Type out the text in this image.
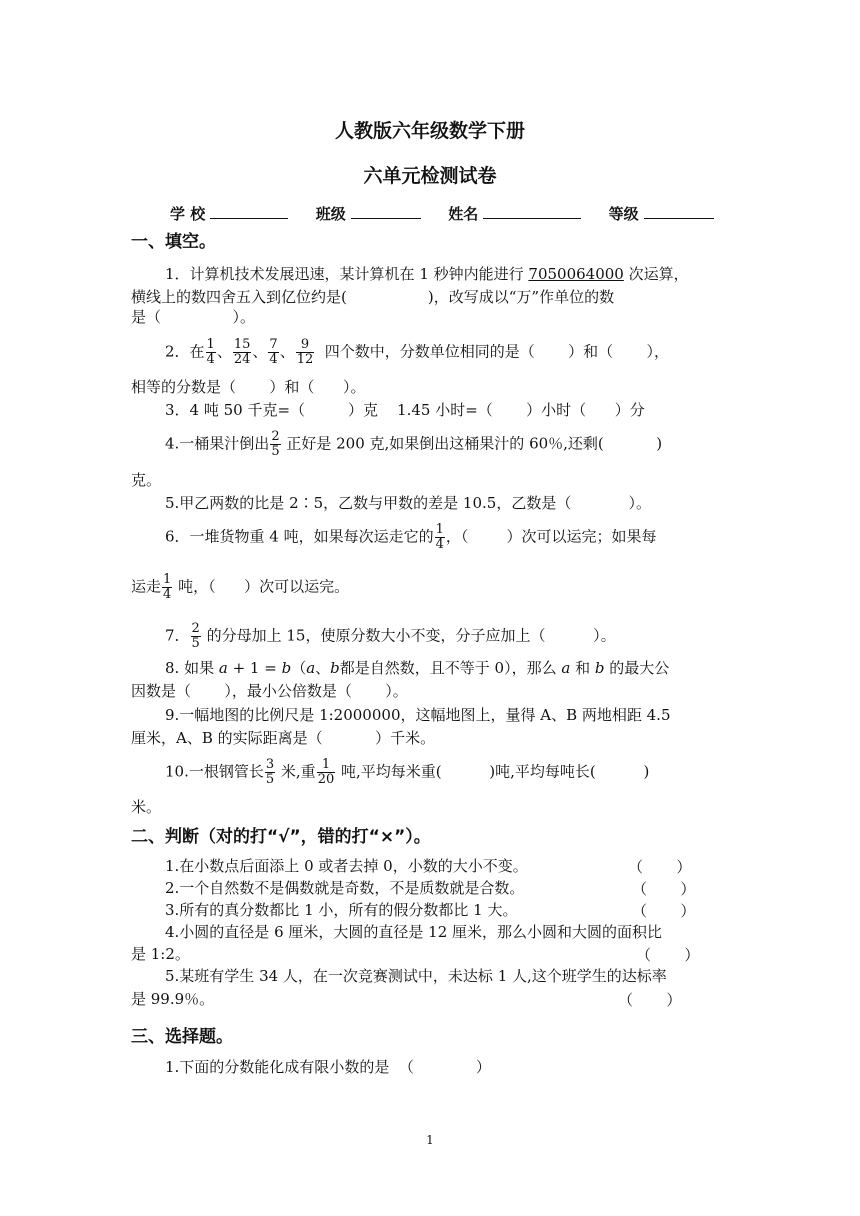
人教版六年级数学下册
六单元检测试卷
学 校	班级	姓名	等级
一、填空。
1．计算机技术发展迅速，某计算机在 1 秒钟内能进行 7050064000 次运算，
横线上的数四舍五入到亿位约是(                 )，改写成以“万”作单位的数
是（               ）。
2．在 $\frac{1}{4}$ 、 $\frac{15}{24}$ 、 $\frac{7}{4}$ 、 $\frac{9}{12}$ 四个数中，分数单位相同的是（       ）和（       ），
相等的分数是（       ）和（      ）。
3．4 吨 50 千克=（         ）克    1.45 小时=（       ）小时（      ）分
4.一桶果汁倒出 $\frac{2}{5}$ 正好是 200 克,如果倒出这桶果汁的 60％,还剩(           )
克。
5.甲乙两数的比是 2∶5，乙数与甲数的差是 10.5，乙数是（            ）。
6．一堆货物重 4 吨，如果每次运走它的 $\frac{1}{4}$ ，（        ）次可以运完；如果每
运走 $\frac{1}{4}$ 吨，（      ）次可以运完。
7． $\frac{2}{5}$ 的分母加上 15，使原分数大小不变，分子应加上（          ）。
8. 如果 a + 1 = b（a、b都是自然数，且不等于 0），那么 a 和 b 的最大公
因数是（       ），最小公倍数是（       ）。
9.一幅地图的比例尺是 1:2000000，这幅地图上，量得 A、B 两地相距 4.5
厘米，A、B 的实际距离是（           ）千米。
10.一根钢管长 $\frac{3}{5}$ 米,重 $\frac{1}{20}$ 吨,平均每米重(          )吨,平均每吨长(          )
米。
二、判断（对的打“√”，错的打“×”）。
1.在小数点后面添上 0 或者去掉 0，小数的大小不变。	（       ）
2.一个自然数不是偶数就是奇数，不是质数就是合数。	（       ）
3.所有的真分数都比 1 小，所有的假分数都比 1 大。	（       ）
4.小圆的直径是 6 厘米，大圆的直径是 12 厘米，那么小圆和大圆的面积比
是 1:2。	（       ）
5.某班有学生 34 人，在一次竞赛测试中，未达标 1 人,这个班学生的达标率
是 99.9％。	（       ）
三、选择题。
1.下面的分数能化成有限小数的是  （             ）
1
